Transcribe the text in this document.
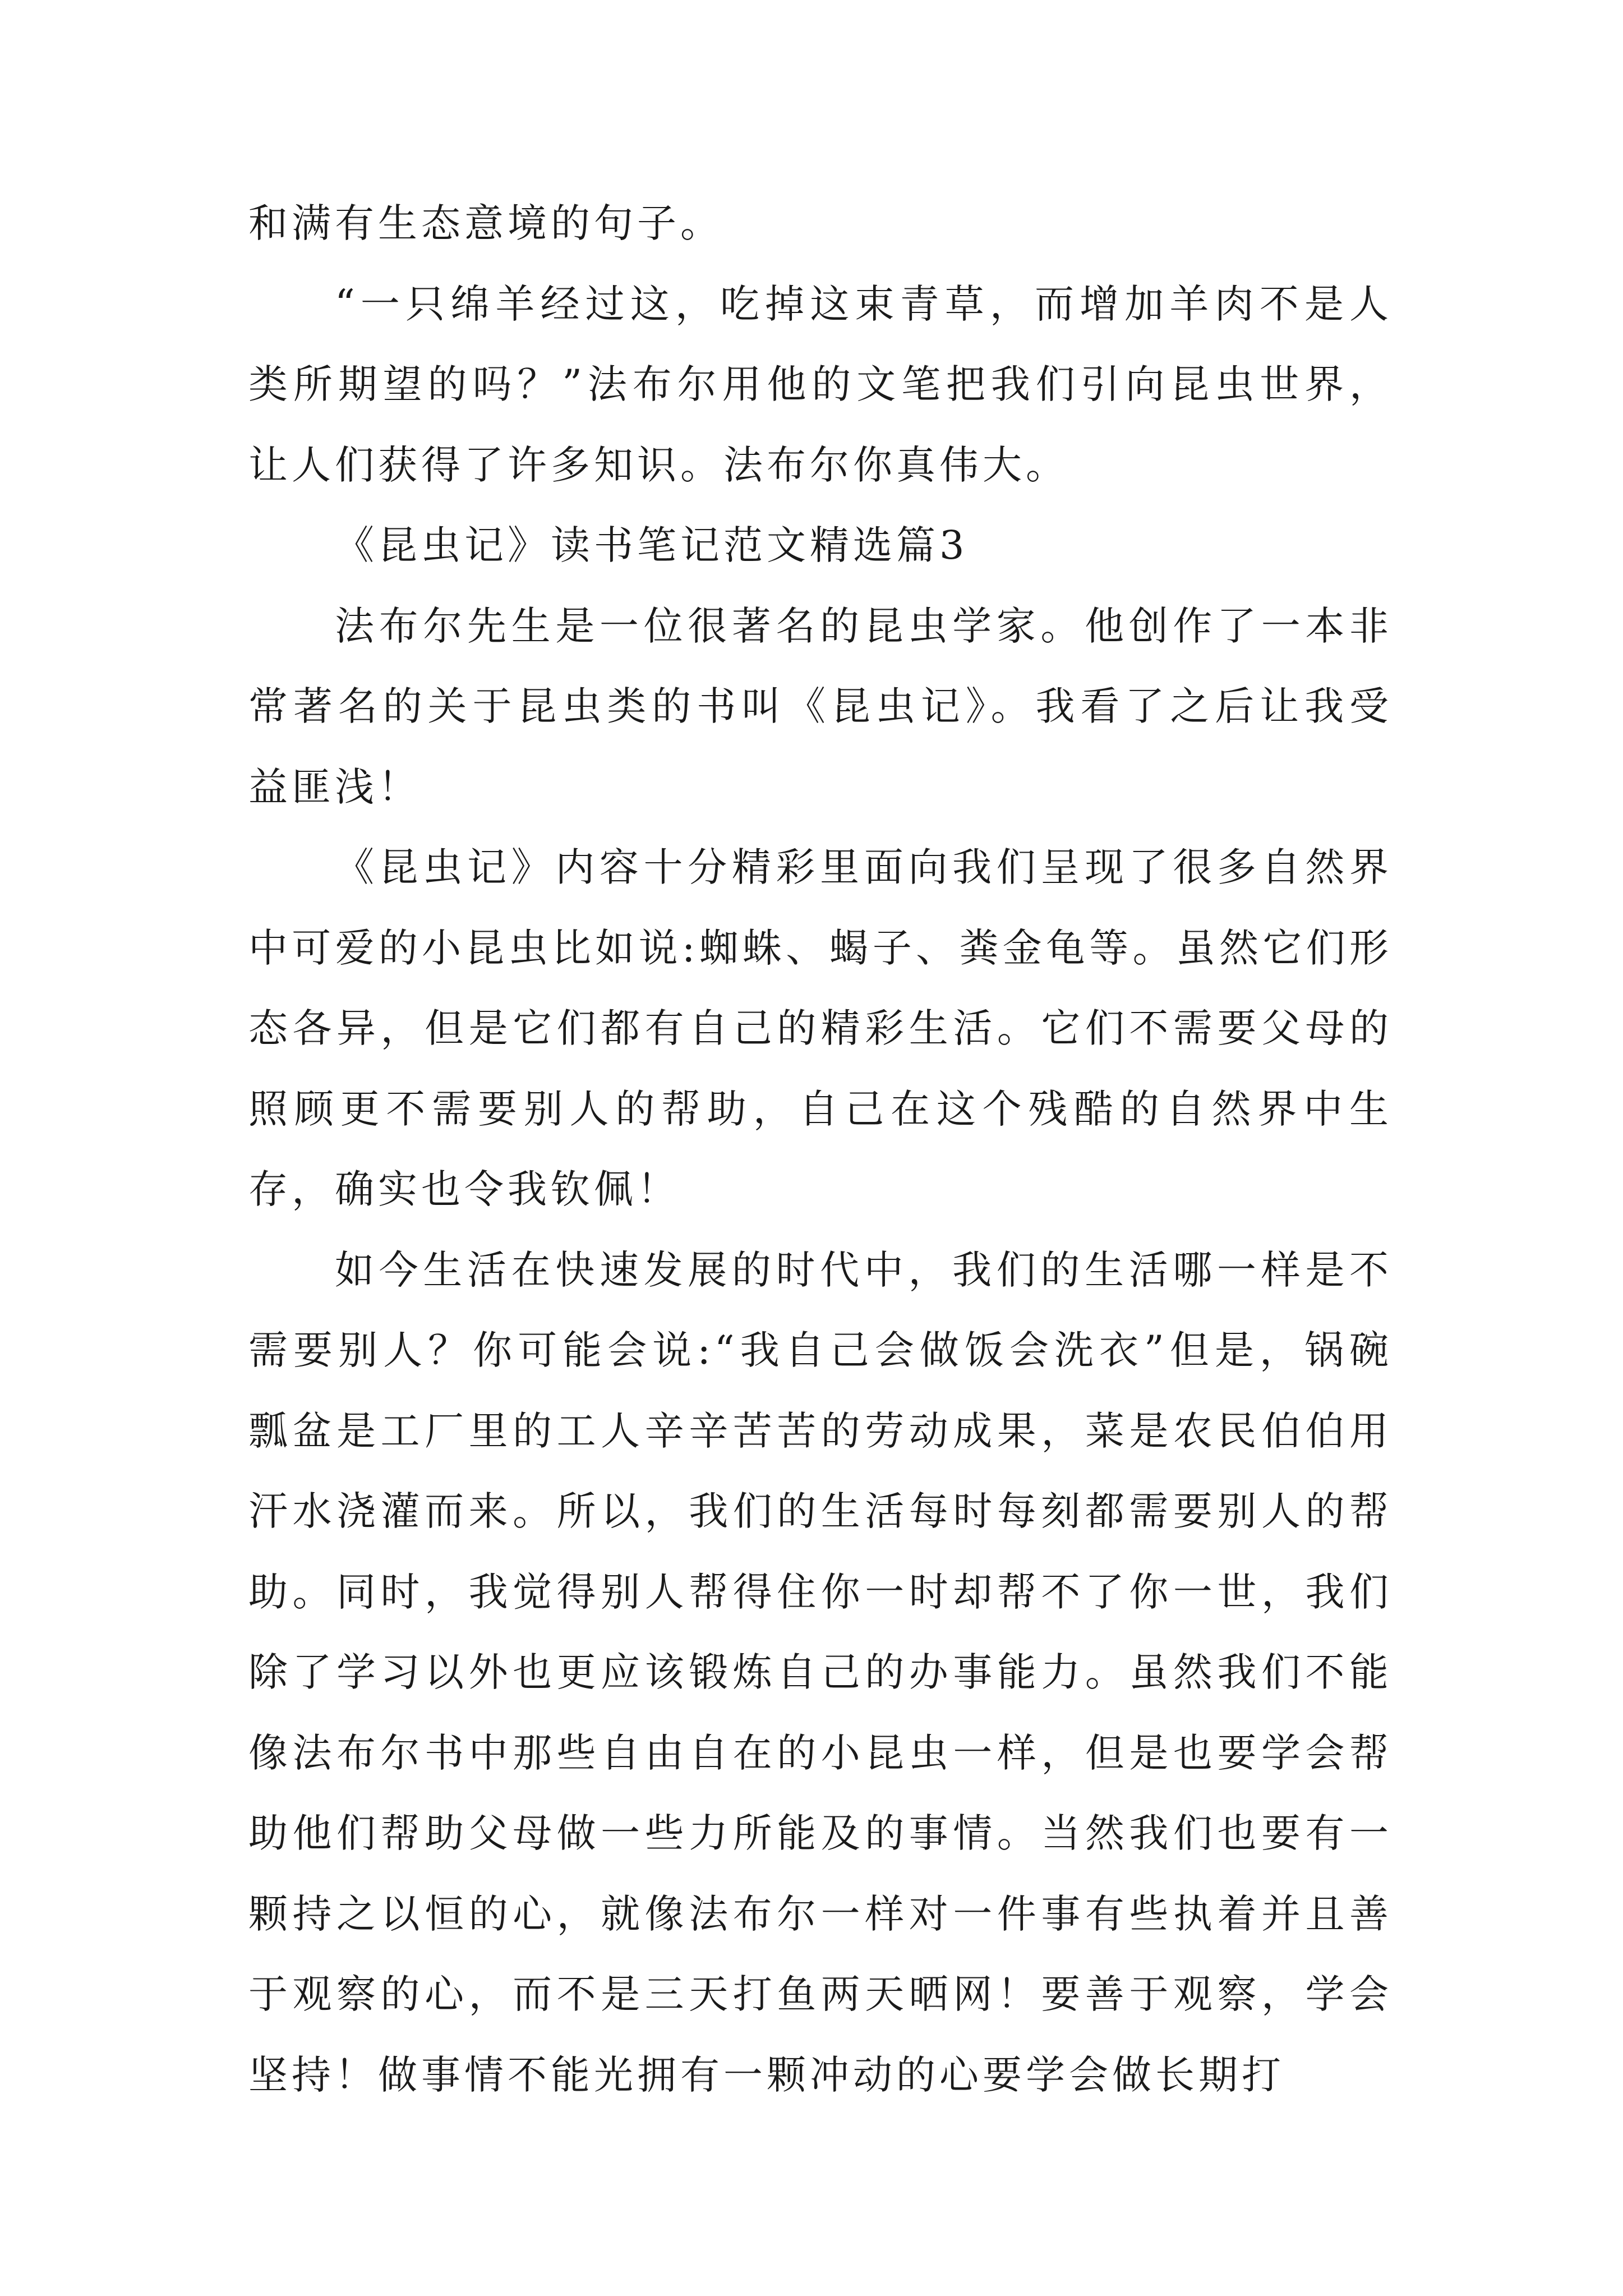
和满有生态意境的句子。

“一只绵羊经过这，吃掉这束青草，而增加羊肉不是人类所期望的吗？”法布尔用他的文笔把我们引向昆虫世界，让人们获得了许多知识。法布尔你真伟大。

《昆虫记》读书笔记范文精选篇3

法布尔先生是一位很著名的昆虫学家。他创作了一本非常著名的关于昆虫类的书叫《昆虫记》。我看了之后让我受益匪浅！

《昆虫记》内容十分精彩里面向我们呈现了很多自然界中可爱的小昆虫比如说:蜘蛛、蝎子、粪金龟等。虽然它们形态各异，但是它们都有自己的精彩生活。它们不需要父母的照顾更不需要别人的帮助，自己在这个残酷的自然界中生存，确实也令我钦佩！

如今生活在快速发展的时代中，我们的生活哪一样是不需要别人？你可能会说:“我自己会做饭会洗衣”但是，锅碗瓢盆是工厂里的工人辛辛苦苦的劳动成果，菜是农民伯伯用汗水浇灌而来。所以，我们的生活每时每刻都需要别人的帮助。同时，我觉得别人帮得住你一时却帮不了你一世，我们除了学习以外也更应该锻炼自己的办事能力。虽然我们不能像法布尔书中那些自由自在的小昆虫一样，但是也要学会帮助他们帮助父母做一些力所能及的事情。当然我们也要有一颗持之以恒的心，就像法布尔一样对一件事有些执着并且善于观察的心，而不是三天打鱼两天晒网！要善于观察，学会坚持！做事情不能光拥有一颗冲动的心要学会做长期打
